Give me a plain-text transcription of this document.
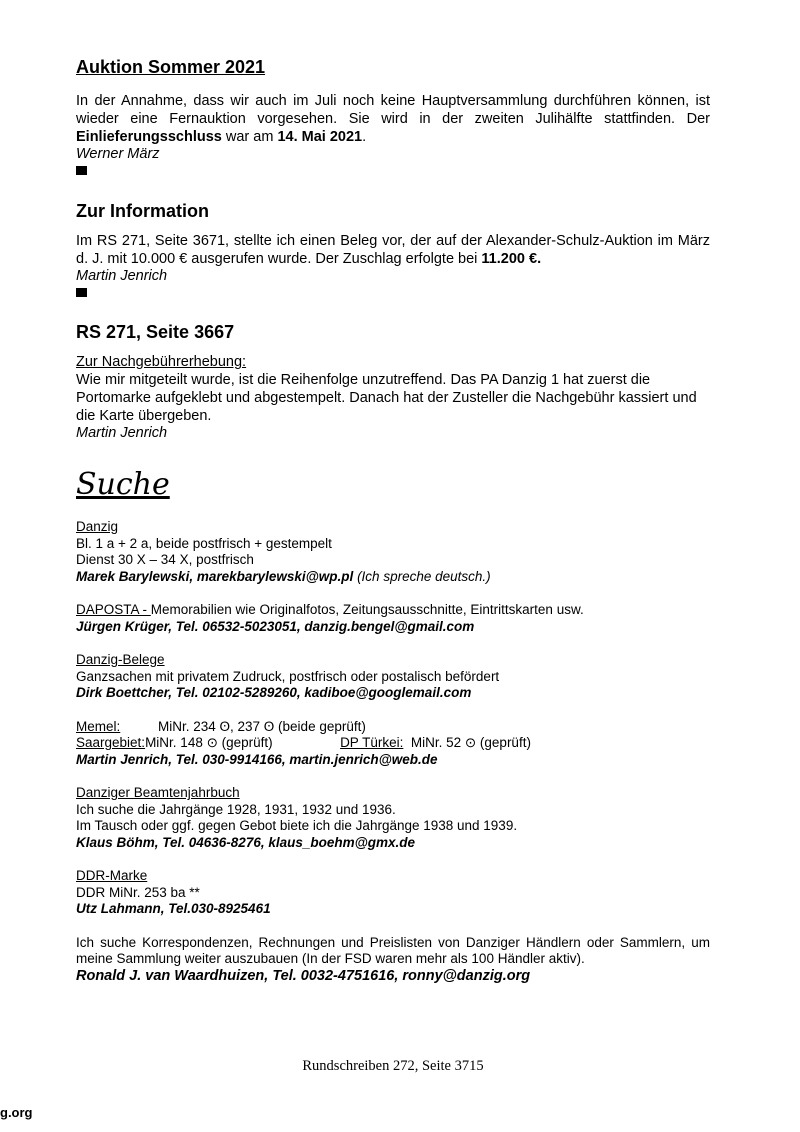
Auktion Sommer 2021

In der Annahme, dass wir auch im Juli noch keine Hauptversammlung durchführen können, ist wieder eine Fernauktion vorgesehen. Sie wird in der zweiten Julihälfte stattfinden. Der Einlieferungsschluss war am 14. Mai 2021.

Werner März

Zur Information

Im RS 271, Seite 3671, stellte ich einen Beleg vor, der auf der Alexander-Schulz-Auktion im März d. J. mit 10.000 € ausgerufen wurde. Der Zuschlag erfolgte bei 11.200 €.

Martin Jenrich

RS 271, Seite 3667

Zur Nachgebührerhebung:

Wie mir mitgeteilt wurde, ist die Reihenfolge unzutreffend. Das PA Danzig 1 hat zuerst die Portomarke aufgeklebt und abgestempelt. Danach hat der Zusteller die Nachgebühr kassiert und die Karte übergeben.

Martin Jenrich

Suche

Danzig

Bl. 1 a + 2 a, beide postfrisch + gestempelt

Dienst 30 X – 34 X, postfrisch

Marek Barylewski, marekbarylewski@wp.pl (Ich spreche deutsch.)

DAPOSTA - Memorabilien wie Originalfotos, Zeitungsausschnitte, Eintrittskarten usw.

Jürgen Krüger, Tel. 06532-5023051, danzig.bengel@gmail.com

Danzig-Belege

Ganzsachen mit privatem Zudruck, postfrisch oder postalisch befördert

Dirk Boettcher, Tel. 02102-5289260, kadiboe@googlemail.com

Memel:	MiNr. 234 ʘ, 237 ʘ (beide geprüft)
Saargebiet: MiNr. 148 ⊙ (geprüft)	DP Türkei: MiNr. 52 ⊙ (geprüft)

Martin Jenrich, Tel. 030-9914166, martin.jenrich@web.de

Danziger Beamtenjahrbuch

Ich suche die Jahrgänge 1928, 1931, 1932 und 1936.

Im Tausch oder ggf. gegen Gebot biete ich die Jahrgänge 1938 und 1939.

Klaus Böhm, Tel. 04636-8276, klaus_boehm@gmx.de

DDR-Marke

DDR MiNr. 253 ba **

Utz Lahmann, Tel.030-8925461

Ich suche Korrespondenzen, Rechnungen und Preislisten von Danziger Händlern oder Sammlern, um meine Sammlung weiter auszubauen (In der FSD waren mehr als 100 Händler aktiv).

Ronald J. van Waardhuizen, Tel. 0032-4751616, ronny@danzig.org

Rundschreiben 272, Seite 3715
g.org
